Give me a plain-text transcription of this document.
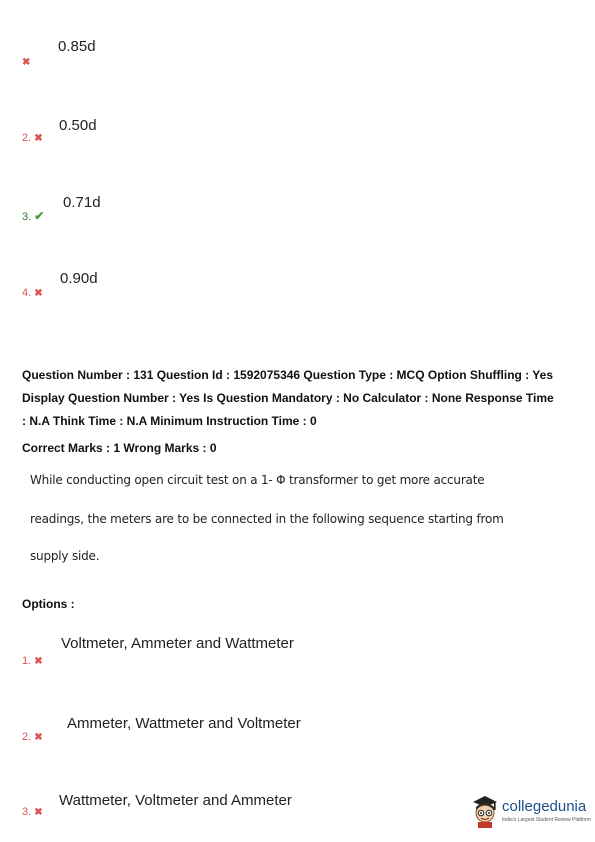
0.85d
✖
0.50d
2. ✖
0.71d
3. ✔
0.90d
4. ✖
Question Number : 131 Question Id : 1592075346 Question Type : MCQ Option Shuffling : Yes
Display Question Number : Yes Is Question Mandatory : No Calculator : None Response Time
: N.A Think Time : N.A Minimum Instruction Time : 0
Correct Marks : 1 Wrong Marks : 0
While conducting open circuit test on a 1- Φ transformer to get more accurate
readings, the meters are to be connected in the following sequence starting from
supply side.
Options :
Voltmeter, Ammeter and Wattmeter
1. ✖
Ammeter, Wattmeter and Voltmeter
2. ✖
Wattmeter, Voltmeter and Ammeter
3. ✖	collegedunia
India's Largest Student Review Platform
